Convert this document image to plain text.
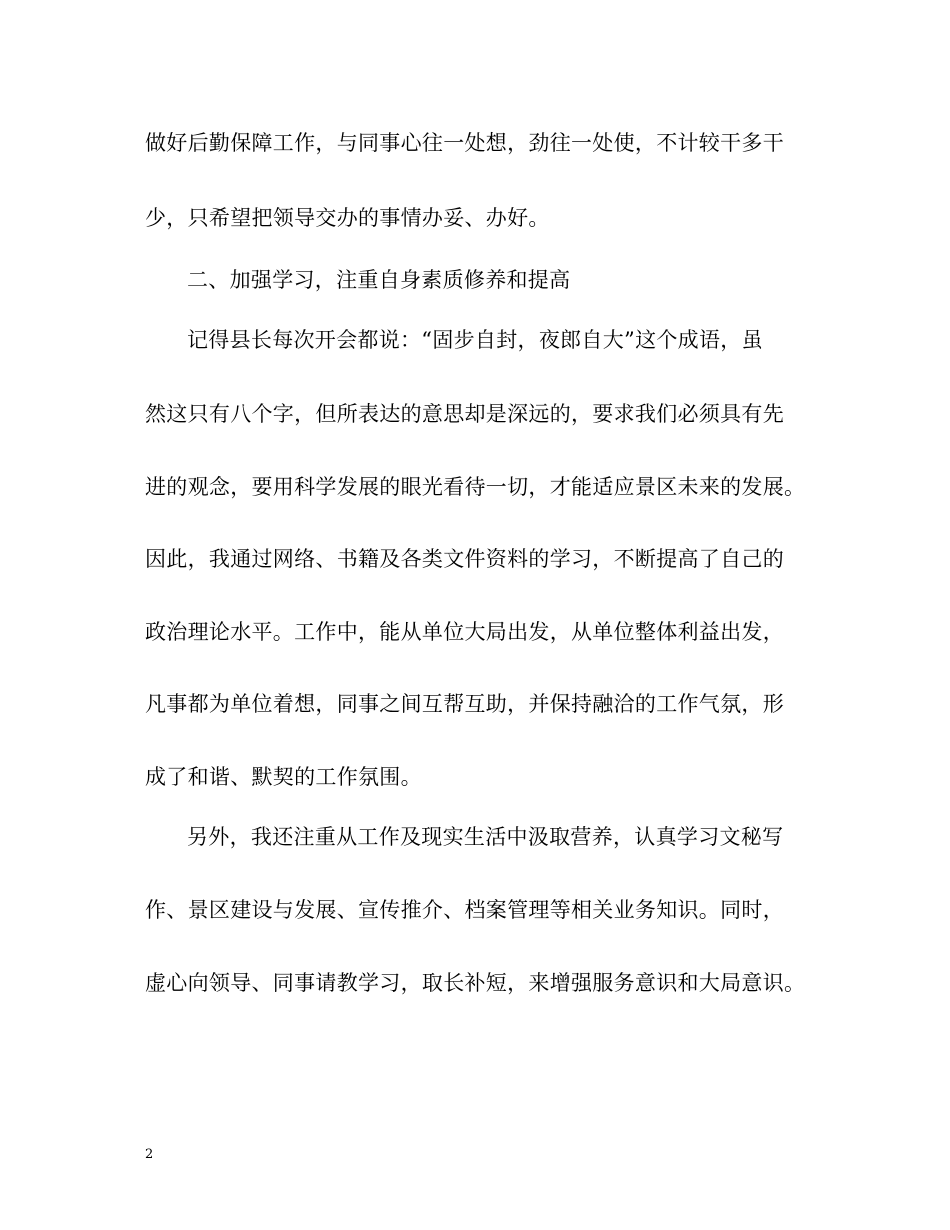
做好后勤保障工作，与同事心往一处想，劲往一处使，不计较干多干
少，只希望把领导交办的事情办妥、办好。
二、加强学习，注重自身素质修养和提高
记得县长每次开会都说：“固步自封，夜郎自大”这个成语，虽
然这只有八个字，但所表达的意思却是深远的，要求我们必须具有先
进的观念，要用科学发展的眼光看待一切，才能适应景区未来的发展。
因此，我通过网络、书籍及各类文件资料的学习，不断提高了自己的
政治理论水平。工作中，能从单位大局出发，从单位整体利益出发，
凡事都为单位着想，同事之间互帮互助，并保持融洽的工作气氛，形
成了和谐、默契的工作氛围。
另外，我还注重从工作及现实生活中汲取营养，认真学习文秘写
作、景区建设与发展、宣传推介、档案管理等相关业务知识。同时，
虚心向领导、同事请教学习，取长补短，来增强服务意识和大局意识。
2
